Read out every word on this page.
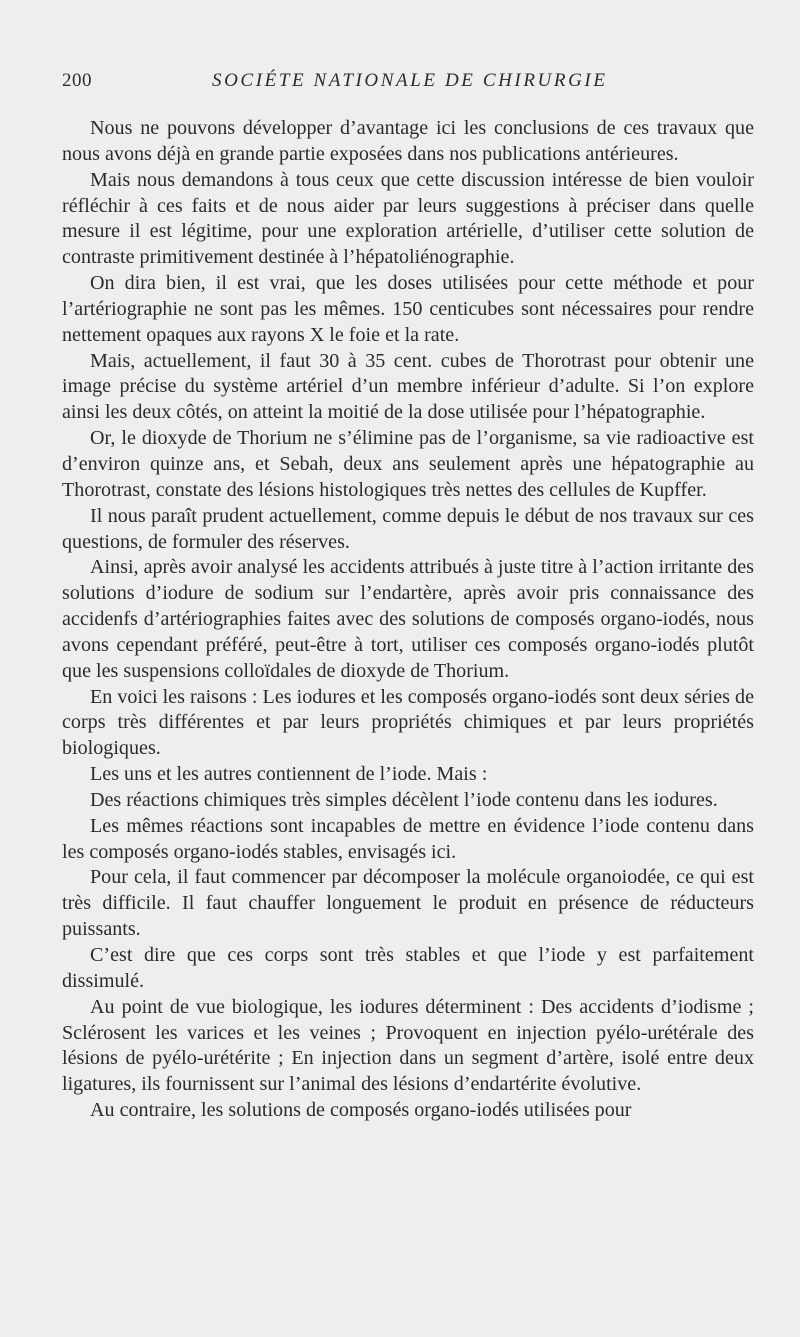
200	SOCIÉTE NATIONALE DE CHIRURGIE

Nous ne pouvons développer d’avantage ici les conclusions de ces travaux que nous avons déjà en grande partie exposées dans nos publications antérieures.

Mais nous demandons à tous ceux que cette discussion intéresse de bien vouloir réfléchir à ces faits et de nous aider par leurs suggestions à préciser dans quelle mesure il est légitime, pour une exploration artérielle, d’utiliser cette solution de contraste primitivement destinée à l’hépatoliénographie.

On dira bien, il est vrai, que les doses utilisées pour cette méthode et pour l’artériographie ne sont pas les mêmes. 150 centicubes sont nécessaires pour rendre nettement opaques aux rayons X le foie et la rate.

Mais, actuellement, il faut 30 à 35 cent. cubes de Thorotrast pour obtenir une image précise du système artériel d’un membre inférieur d’adulte. Si l’on explore ainsi les deux côtés, on atteint la moitié de la dose utilisée pour l’hépatographie.

Or, le dioxyde de Thorium ne s’élimine pas de l’organisme, sa vie radioactive est d’environ quinze ans, et Sebah, deux ans seulement après une hépatographie au Thorotrast, constate des lésions histologiques très nettes des cellules de Kupffer.

Il nous paraît prudent actuellement, comme depuis le début de nos travaux sur ces questions, de formuler des réserves.

Ainsi, après avoir analysé les accidents attribués à juste titre à l’action irritante des solutions d’iodure de sodium sur l’endartère, après avoir pris connaissance des accidenfs d’artériographies faites avec des solutions de composés organo-iodés, nous avons cependant préféré, peut-être à tort, utiliser ces composés organo-iodés plutôt que les suspensions colloïdales de dioxyde de Thorium.

En voici les raisons : Les iodures et les composés organo-iodés sont deux séries de corps très différentes et par leurs propriétés chimiques et par leurs propriétés biologiques.

Les uns et les autres contiennent de l’iode. Mais :

Des réactions chimiques très simples décèlent l’iode contenu dans les iodures.

Les mêmes réactions sont incapables de mettre en évidence l’iode contenu dans les composés organo-iodés stables, envisagés ici.

Pour cela, il faut commencer par décomposer la molécule organoiodée, ce qui est très difficile. Il faut chauffer longuement le produit en présence de réducteurs puissants.

C’est dire que ces corps sont très stables et que l’iode y est parfaitement dissimulé.

Au point de vue biologique, les iodures déterminent : Des accidents d’iodisme ; Sclérosent les varices et les veines ; Provoquent en injection pyélo-urétérale des lésions de pyélo-urétérite ; En injection dans un segment d’artère, isolé entre deux ligatures, ils fournissent sur l’animal des lésions d’endartérite évolutive.

Au contraire, les solutions de composés organo-iodés utilisées pour
